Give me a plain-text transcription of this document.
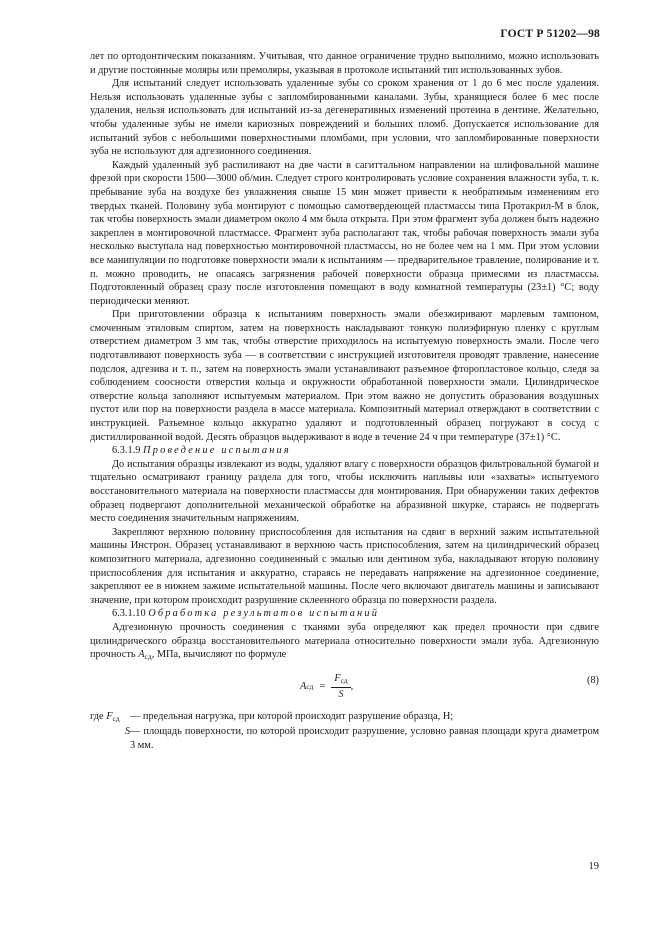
ГОСТ Р 51202—98

лет по ортодонтическим показаниям. Учитывая, что данное ограничение трудно выполнимо, можно использовать и другие постоянные моляры или премоляры, указывая в протоколе испытаний тип использованных зубов.

Для испытаний следует использовать удаленные зубы со сроком хранения от 1 до 6 мес после удаления. Нельзя использовать удаленные зубы с запломбированными каналами. Зубы, хранящиеся более 6 мес после удаления, нельзя использовать для испытаний из-за дегенеративных изменений протеина в дентине. Желательно, чтобы удаленные зубы не имели кариозных повреждений и больших пломб. Допускается использование для испытаний зубов с небольшими поверхностными пломбами, при условии, что запломбированные поверхности зуба не используют для адгезионного соединения.

Каждый удаленный зуб распиливают на две части в сагиттальном направлении на шлифовальной машине фрезой при скорости 1500—3000 об/мин. Следует строго контролировать условие сохранения влажности зуба, т. к. пребывание зуба на воздухе без увлажнения свыше 15 мин может привести к необратимым изменениям его твердых тканей. Половину зуба монтируют с помощью самотвердеющей пластмассы типа Протакрил-М в блок, так чтобы поверхность эмали диаметром около 4 мм была открыта. При этом фрагмент зуба должен быть надежно закреплен в монтировочной пластмассе. Фрагмент зуба располагают так, чтобы рабочая поверхность эмали зуба несколько выступала над поверхностью монтировочной пластмассы, но не более чем на 1 мм. При этом условии все манипуляции по подготовке поверхности эмали к испытаниям — предварительное травление, полирование и т. п. можно проводить, не опасаясь загрязнения рабочей поверхности образца примесями из пластмассы. Подготовленный образец сразу после изготовления помещают в воду комнатной температуры (23±1) °С; воду периодически меняют.

При приготовлении образца к испытаниям поверхность эмали обезжиривают марлевым тампоном, смоченным этиловым спиртом, затем на поверхность накладывают тонкую полиэфирную пленку с круглым отверстием диаметром 3 мм так, чтобы отверстие приходилось на испытуемую поверхность эмали. После чего подготавливают поверхность зуба — в соответствии с инструкцией изготовителя проводят травление, нанесение подслоя, адгезива и т. п., затем на поверхность эмали устанавливают разъемное фторопластовое кольцо, следя за соблюдением соосности отверстия кольца и окружности обработанной поверхности эмали. Цилиндрическое отверстие кольца заполняют испытуемым материалом. При этом важно не допустить образования воздушных пустот или пор на поверхности раздела в массе материала. Композитный материал отверждают в соответствии с инструкцией. Разъемное кольцо аккуратно удаляют и подготовленный образец погружают в сосуд с дистиллированной водой. Десять образцов выдерживают в воде в течение 24 ч при температуре (37±1) °С.

6.3.1.9 Проведение испытания

До испытания образцы извлекают из воды, удаляют влагу с поверхности образцов фильтровальной бумагой и тщательно осматривают границу раздела для того, чтобы исключить наплывы или «захваты» испытуемого восстановительного материала на поверхности пластмассы для монтирования. При обнаружении таких дефектов образец подвергают дополнительной механической обработке на абразивной шкурке, стараясь не подвергать место соединения значительным напряжениям.

Закрепляют верхнюю половину приспособления для испытания на сдвиг в верхний зажим испытательной машины Инстрон. Образец устанавливают в верхнюю часть приспособления, затем на цилиндрический образец композитного материала, адгезионно соединенный с эмалью или дентином зуба, накладывают вторую половину приспособления для испытания и аккуратно, стараясь не передавать напряжение на адгезионное соединение, закрепляют ее в нижнем зажиме испытательной машины. После чего включают двигатель машины и записывают значение, при котором происходит разрушение склеенного образца по поверхности раздела.

6.3.1.10 Обработка результатов испытаний

Адгезионную прочность соединения с тканями зуба определяют как предел прочности при сдвиге цилиндрического образца восстановительного материала относительно поверхности эмали зуба. Адгезионную прочность $А_{сд}$, МПа, вычисляют по формуле

А сд = $\frac{F_{сд}}{S}$ ,
(8)
где $F_{сд}$ — предельная нагрузка, при которой происходит разрушение образца, Н;
S — площадь поверхности, по которой происходит разрушение, условно равная площади круга диаметром 3 мм.
19
